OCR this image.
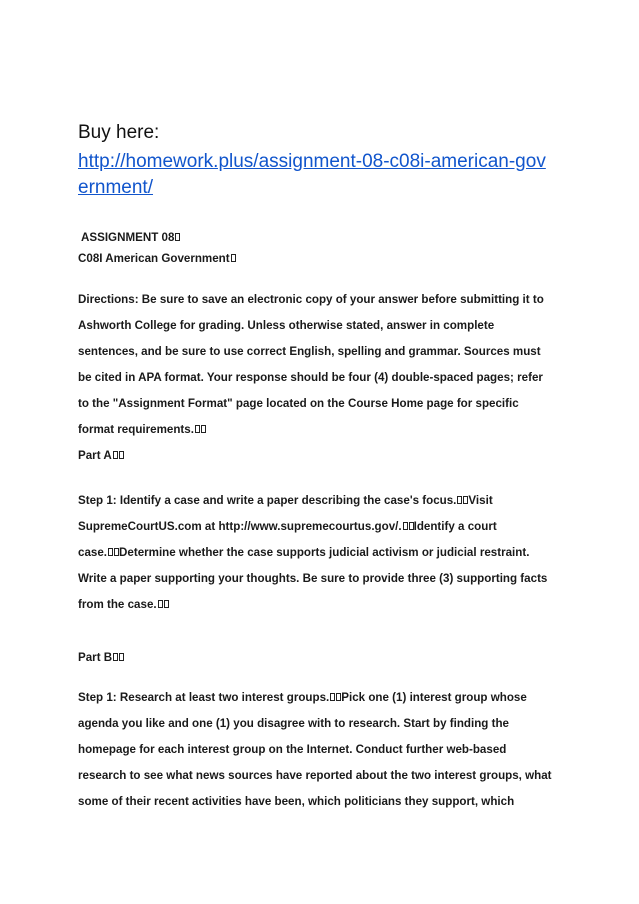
Buy here:
http://homework.plus/assignment-08-c08i-american-gov
ernment/
ASSIGNMENT 08
C08I American Government
Directions: Be sure to save an electronic copy of your answer before submitting it to
Ashworth College for grading. Unless otherwise stated, answer in complete
sentences, and be sure to use correct English, spelling and grammar. Sources must
be cited in APA format. Your response should be four (4) double-spaced pages; refer
to the "Assignment Format" page located on the Course Home page for specific
format requirements.
Part A
Step 1: Identify a case and write a paper describing the case's focus. Visit
SupremeCourtUS.com at http://www.supremecourtus.gov/. Identify a court
case. Determine whether the case supports judicial activism or judicial restraint.
Write a paper supporting your thoughts. Be sure to provide three (3) supporting facts
from the case.
Part B
Step 1: Research at least two interest groups. Pick one (1) interest group whose
agenda you like and one (1) you disagree with to research. Start by finding the
homepage for each interest group on the Internet. Conduct further web-based
research to see what news sources have reported about the two interest groups, what
some of their recent activities have been, which politicians they support, which
